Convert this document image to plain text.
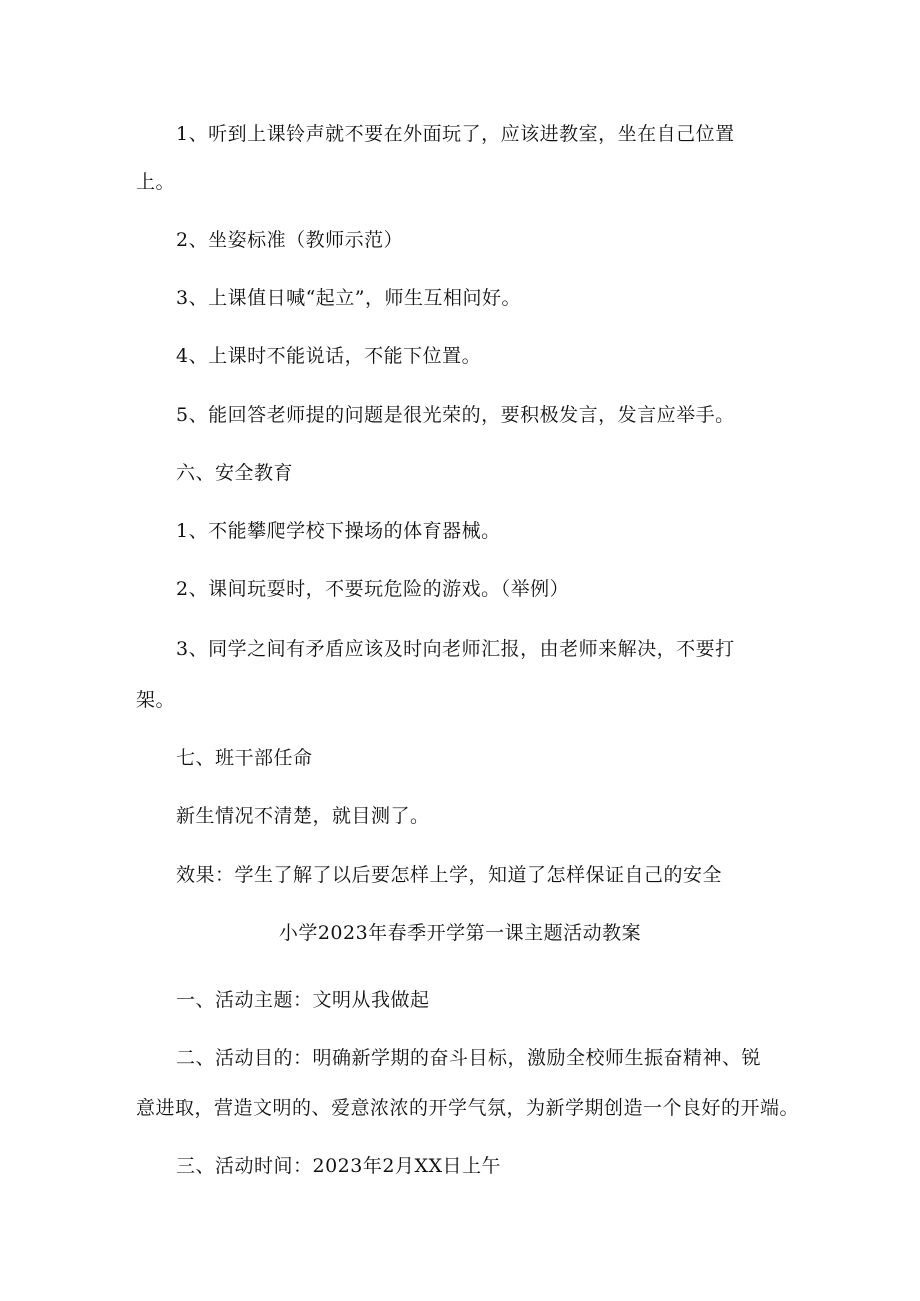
1、听到上课铃声就不要在外面玩了，应该进教室，坐在自己位置
上。
2、坐姿标准（教师示范）
3、上课值日喊“起立”，师生互相问好。
4、上课时不能说话，不能下位置。
5、能回答老师提的问题是很光荣的，要积极发言，发言应举手。
六、安全教育
1、不能攀爬学校下操场的体育器械。
2、课间玩耍时，不要玩危险的游戏。（举例）
3、同学之间有矛盾应该及时向老师汇报，由老师来解决，不要打
架。
七、班干部任命
新生情况不清楚，就目测了。
效果：学生了解了以后要怎样上学，知道了怎样保证自己的安全
小学2023年春季开学第一课主题活动教案
一、活动主题：文明从我做起
二、活动目的：明确新学期的奋斗目标，激励全校师生振奋精神、锐
意进取，营造文明的、爱意浓浓的开学气氛，为新学期创造一个良好的开端。
三、活动时间：2023年2月XX日上午
